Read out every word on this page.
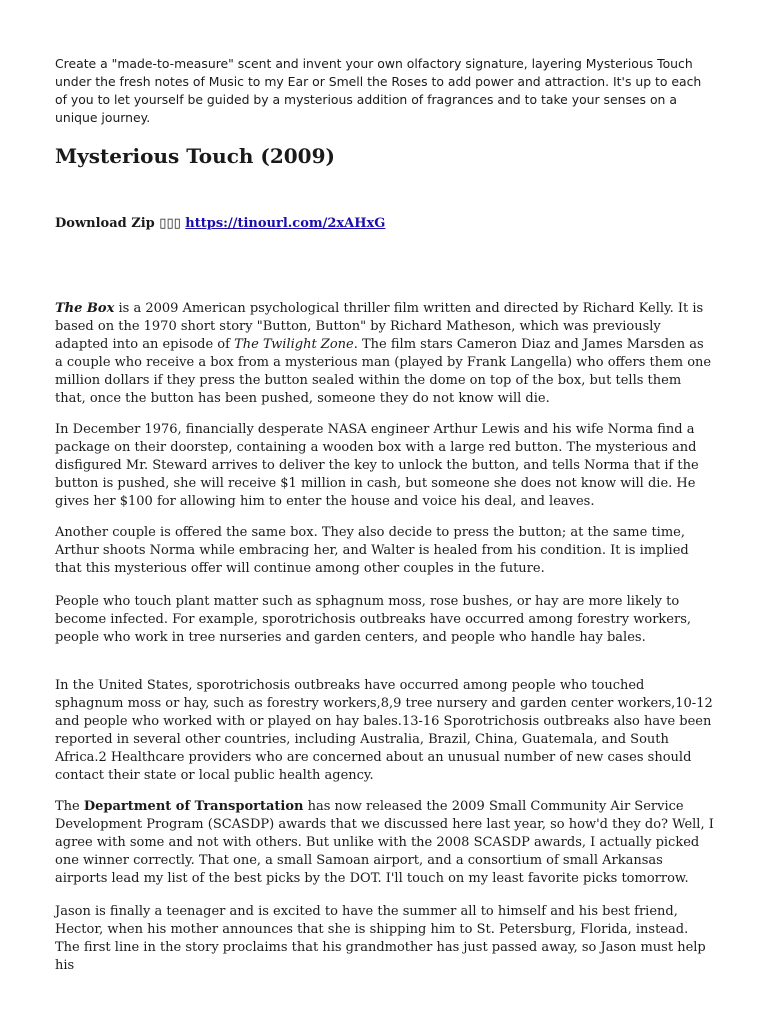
Create a "made-to-measure" scent and invent your own olfactory signature, layering Mysterious Touch under the fresh notes of Music to my Ear or Smell the Roses to add power and attraction. It's up to each of you to let yourself be guided by a mysterious addition of fragrances and to take your senses on a unique journey.

Mysterious Touch (2009)

Download Zip ▯▯▯ https://tinourl.com/2xAHxG

The Box is a 2009 American psychological thriller film written and directed by Richard Kelly. It is based on the 1970 short story "Button, Button" by Richard Matheson, which was previously adapted into an episode of The Twilight Zone. The film stars Cameron Diaz and James Marsden as a couple who receive a box from a mysterious man (played by Frank Langella) who offers them one million dollars if they press the button sealed within the dome on top of the box, but tells them that, once the button has been pushed, someone they do not know will die.

In December 1976, financially desperate NASA engineer Arthur Lewis and his wife Norma find a package on their doorstep, containing a wooden box with a large red button. The mysterious and disfigured Mr. Steward arrives to deliver the key to unlock the button, and tells Norma that if the button is pushed, she will receive $1 million in cash, but someone she does not know will die. He gives her $100 for allowing him to enter the house and voice his deal, and leaves.

Another couple is offered the same box. They also decide to press the button; at the same time, Arthur shoots Norma while embracing her, and Walter is healed from his condition. It is implied that this mysterious offer will continue among other couples in the future.

People who touch plant matter such as sphagnum moss, rose bushes, or hay are more likely to become infected. For example, sporotrichosis outbreaks have occurred among forestry workers, people who work in tree nurseries and garden centers, and people who handle hay bales.

In the United States, sporotrichosis outbreaks have occurred among people who touched sphagnum moss or hay, such as forestry workers,8,9 tree nursery and garden center workers,10-12 and people who worked with or played on hay bales.13-16 Sporotrichosis outbreaks also have been reported in several other countries, including Australia, Brazil, China, Guatemala, and South Africa.2 Healthcare providers who are concerned about an unusual number of new cases should contact their state or local public health agency.

The Department of Transportation has now released the 2009 Small Community Air Service Development Program (SCASDP) awards that we discussed here last year, so how'd they do? Well, I agree with some and not with others. But unlike with the 2008 SCASDP awards, I actually picked one winner correctly. That one, a small Samoan airport, and a consortium of small Arkansas airports lead my list of the best picks by the DOT. I'll touch on my least favorite picks tomorrow.

Jason is finally a teenager and is excited to have the summer all to himself and his best friend, Hector, when his mother announces that she is shipping him to St. Petersburg, Florida, instead. The first line in the story proclaims that his grandmother has just passed away, so Jason must help his
